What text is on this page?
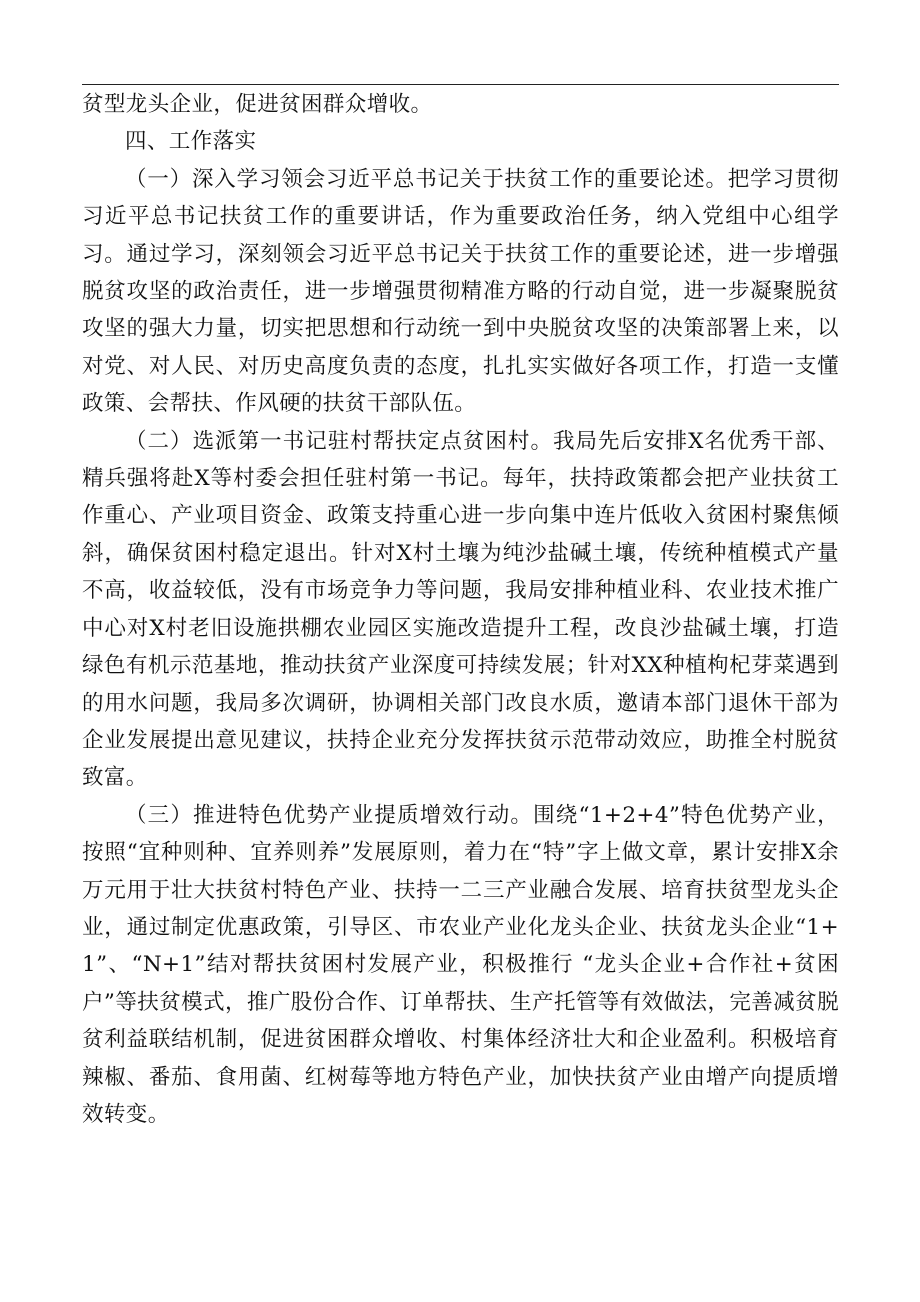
贫型龙头企业，促进贫困群众增收。

四、工作落实

（一）深入学习领会习近平总书记关于扶贫工作的重要论述。把学习贯彻习近平总书记扶贫工作的重要讲话，作为重要政治任务，纳入党组中心组学习。通过学习，深刻领会习近平总书记关于扶贫工作的重要论述，进一步增强脱贫攻坚的政治责任，进一步增强贯彻精准方略的行动自觉，进一步凝聚脱贫攻坚的强大力量，切实把思想和行动统一到中央脱贫攻坚的决策部署上来，以对党、对人民、对历史高度负责的态度，扎扎实实做好各项工作，打造一支懂政策、会帮扶、作风硬的扶贫干部队伍。

（二）选派第一书记驻村帮扶定点贫困村。我局先后安排X名优秀干部、精兵强将赴X等村委会担任驻村第一书记。每年，扶持政策都会把产业扶贫工作重心、产业项目资金、政策支持重心进一步向集中连片低收入贫困村聚焦倾斜，确保贫困村稳定退出。针对X村土壤为纯沙盐碱土壤，传统种植模式产量不高，收益较低，没有市场竞争力等问题，我局安排种植业科、农业技术推广中心对X村老旧设施拱棚农业园区实施改造提升工程，改良沙盐碱土壤，打造绿色有机示范基地，推动扶贫产业深度可持续发展；针对XX种植枸杞芽菜遇到的用水问题，我局多次调研，协调相关部门改良水质，邀请本部门退休干部为企业发展提出意见建议，扶持企业充分发挥扶贫示范带动效应，助推全村脱贫致富。

（三）推进特色优势产业提质增效行动。围绕“1+2+4”特色优势产业，按照“宜种则种、宜养则养”发展原则，着力在“特”字上做文章，累计安排X余万元用于壮大扶贫村特色产业、扶持一二三产业融合发展、培育扶贫型龙头企业，通过制定优惠政策，引导区、市农业产业化龙头企业、扶贫龙头企业“1+1”、“N+1”结对帮扶贫困村发展产业，积极推行 “龙头企业+合作社+贫困户”等扶贫模式，推广股份合作、订单帮扶、生产托管等有效做法，完善减贫脱贫利益联结机制，促进贫困群众增收、村集体经济壮大和企业盈利。积极培育辣椒、番茄、食用菌、红树莓等地方特色产业，加快扶贫产业由增产向提质增效转变。
